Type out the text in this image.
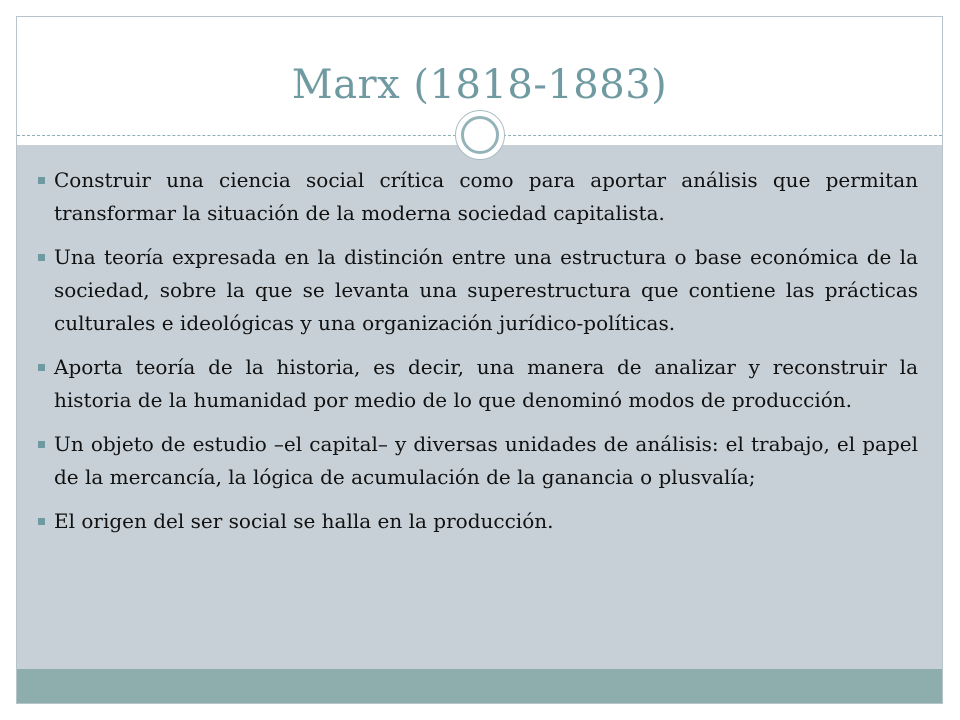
Marx (1818-1883)
Construir una ciencia social crítica como para aportar análisis que permitan transformar la situación de la moderna sociedad capitalista.
Una teoría expresada en la distinción entre una estructura o base económica de la sociedad, sobre la que se levanta una superestructura que contiene las prácticas culturales e ideológicas y una organización jurídico-políticas.
Aporta teoría de la historia, es decir, una manera de analizar y reconstruir la historia de la humanidad por medio de lo que denominó modos de producción.
Un objeto de estudio –el capital– y diversas unidades de análisis: el trabajo, el papel de la mercancía, la lógica de acumulación de la ganancia o plusvalía;
El origen del ser social se halla en la producción.
